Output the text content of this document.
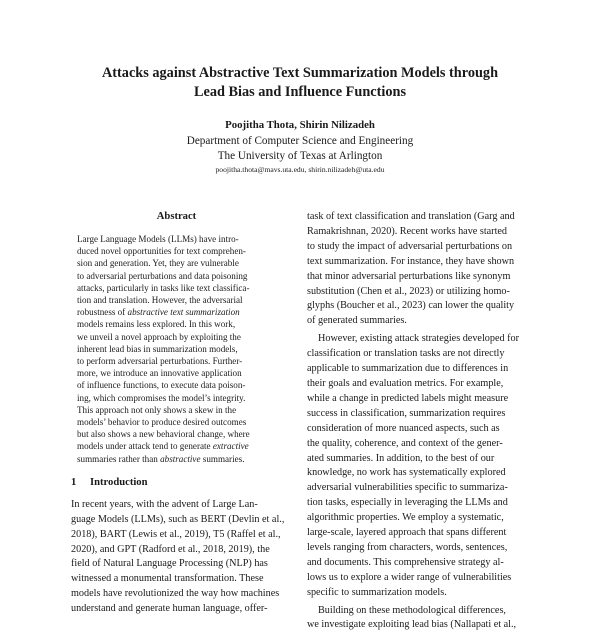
Attacks against Abstractive Text Summarization Models through
Lead Bias and Influence Functions
Poojitha Thota, Shirin Nilizadeh
Department of Computer Science and Engineering
The University of Texas at Arlington
poojitha.thota@mavs.uta.edu, shirin.nilizadeh@uta.edu
Abstract
Large Language Models (LLMs) have intro-
duced novel opportunities for text comprehen-
sion and generation. Yet, they are vulnerable
to adversarial perturbations and data poisoning
attacks, particularly in tasks like text classifica-
tion and translation. However, the adversarial
robustness of abstractive text summarization
models remains less explored. In this work,
we unveil a novel approach by exploiting the
inherent lead bias in summarization models,
to perform adversarial perturbations. Further-
more, we introduce an innovative application
of influence functions, to execute data poison-
ing, which compromises the model’s integrity.
This approach not only shows a skew in the
models’ behavior to produce desired outcomes
but also shows a new behavioral change, where
models under attack tend to generate extractive
summaries rather than abstractive summaries.
1 Introduction
In recent years, with the advent of Large Lan-
guage Models (LLMs), such as BERT (Devlin et al.,
2018), BART (Lewis et al., 2019), T5 (Raffel et al.,
2020), and GPT (Radford et al., 2018, 2019), the
field of Natural Language Processing (NLP) has
witnessed a monumental transformation. These
models have revolutionized the way how machines
understand and generate human language, offer-
task of text classification and translation (Garg and
Ramakrishnan, 2020). Recent works have started
to study the impact of adversarial perturbations on
text summarization. For instance, they have shown
that minor adversarial perturbations like synonym
substitution (Chen et al., 2023) or utilizing homo-
glyphs (Boucher et al., 2023) can lower the quality
of generated summaries.
However, existing attack strategies developed for
classification or translation tasks are not directly
applicable to summarization due to differences in
their goals and evaluation metrics. For example,
while a change in predicted labels might measure
success in classification, summarization requires
consideration of more nuanced aspects, such as
the quality, coherence, and context of the gener-
ated summaries. In addition, to the best of our
knowledge, no work has systematically explored
adversarial vulnerabilities specific to summariza-
tion tasks, especially in leveraging the LLMs and
algorithmic properties. We employ a systematic,
large-scale, layered approach that spans different
levels ranging from characters, words, sentences,
and documents. This comprehensive strategy al-
lows us to explore a wider range of vulnerabilities
specific to summarization models.
Building on these methodological differences,
we investigate exploiting lead bias (Nallapati et al.,
